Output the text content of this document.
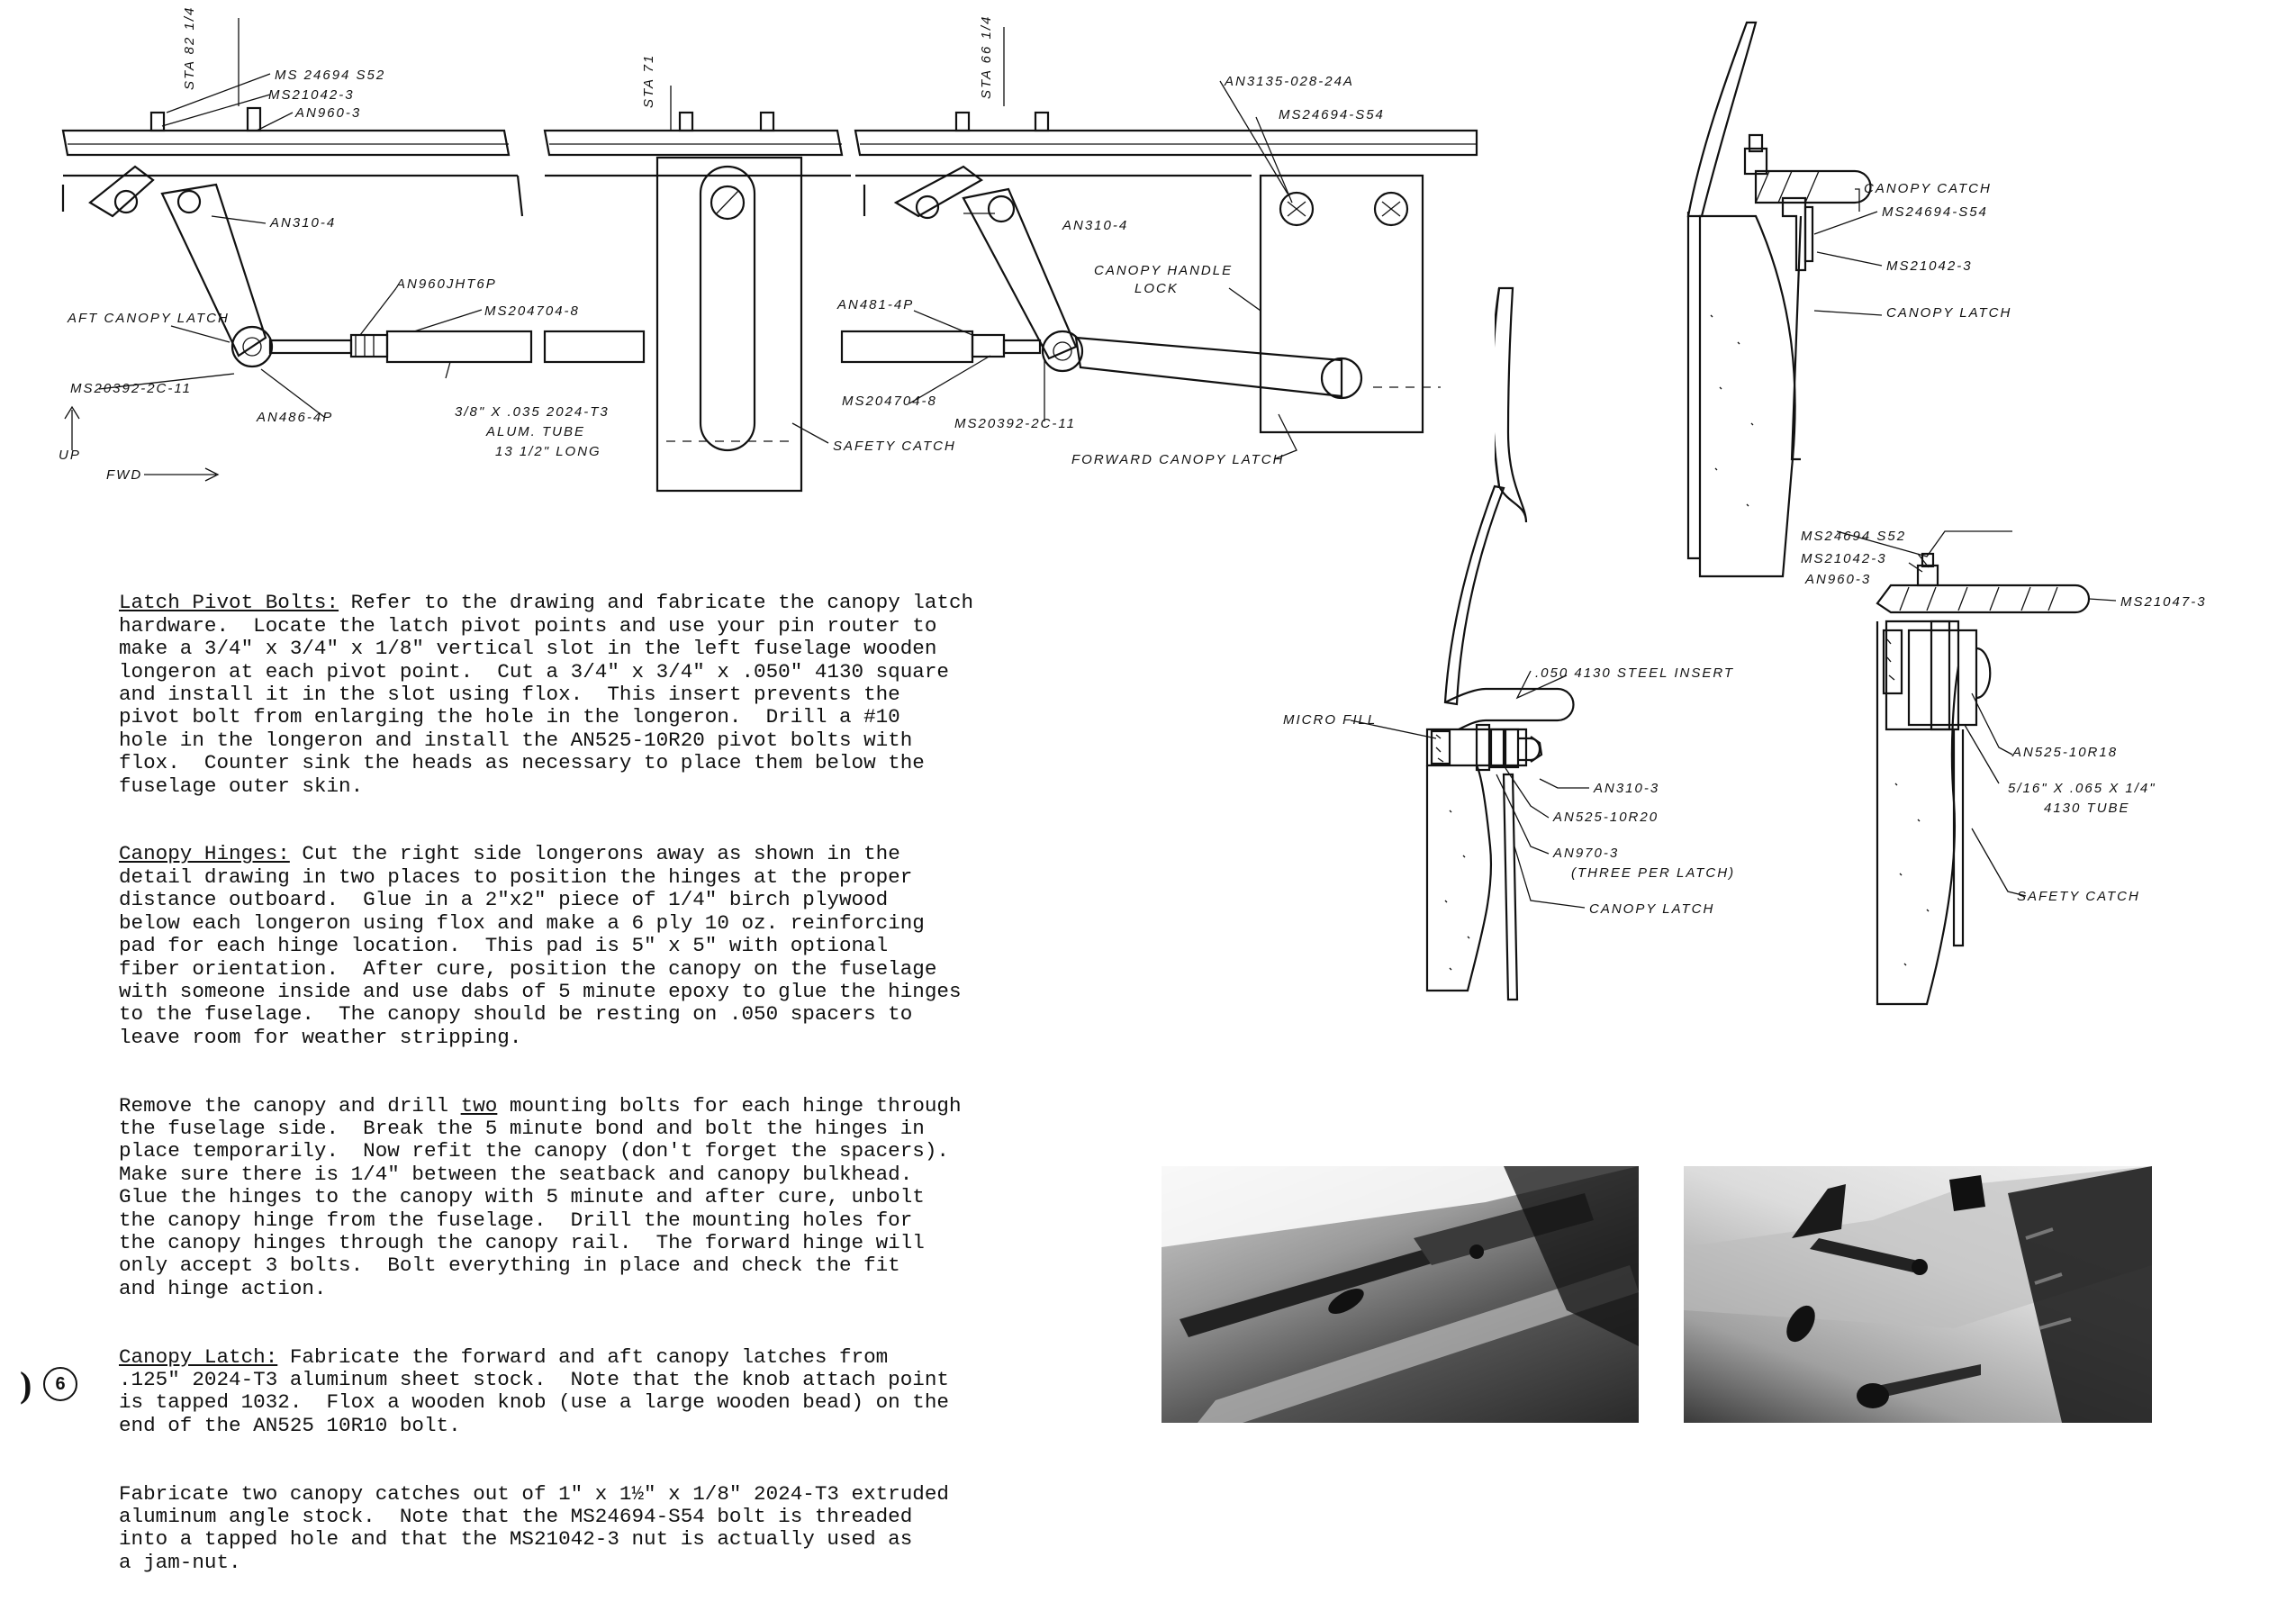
STA 82 1/4	STA 71	STA 66 1/4
MS 24694 S52
MS21042-3
AN960-3
AN310-4
AFT CANOPY LATCH
AN960JHT6P
MS204704-8
MS20392-2C-11
AN486-4P	3/8" X .035 2024-T3
ALUM. TUBE
13 1/2" LONG
UP
FWD
SAFETY CATCH
AN481-4P
MS204704-8
MS20392-2C-11
AN310-4
AN3135-028-24A
MS24694-S54
CANOPY HANDLE
LOCK
FORWARD CANOPY LATCH
CANOPY CATCH
MS24694-S54
MS21042-3
CANOPY LATCH
.050 4130 STEEL INSERT
MICRO FILL
AN310-3
AN525-10R20
AN970-3
(THREE PER LATCH)
CANOPY LATCH
MS24694 S52
MS21042-3
AN960-3
MS21047-3
AN525-10R18
5/16" X .065 X 1/4"
4130 TUBE
SAFETY CATCH

Latch Pivot Bolts: Refer to the drawing and fabricate the canopy latch
hardware.  Locate the latch pivot points and use your pin router to
make a 3/4" x 3/4" x 1/8" vertical slot in the left fuselage wooden
longeron at each pivot point.  Cut a 3/4" x 3/4" x .050" 4130 square
and install it in the slot using flox.  This insert prevents the
pivot bolt from enlarging the hole in the longeron.  Drill a #10
hole in the longeron and install the AN525-10R20 pivot bolts with
flox.  Counter sink the heads as necessary to place them below the
fuselage outer skin.

Canopy Hinges: Cut the right side longerons away as shown in the
detail drawing in two places to position the hinges at the proper
distance outboard.  Glue in a 2"x2" piece of 1/4" birch plywood
below each longeron using flox and make a 6 ply 10 oz. reinforcing
pad for each hinge location.  This pad is 5" x 5" with optional
fiber orientation.  After cure, position the canopy on the fuselage
with someone inside and use dabs of 5 minute epoxy to glue the hinges
to the fuselage.  The canopy should be resting on .050 spacers to
leave room for weather stripping.

Remove the canopy and drill two mounting bolts for each hinge through
the fuselage side.  Break the 5 minute bond and bolt the hinges in
place temporarily.  Now refit the canopy (don't forget the spacers).
Make sure there is 1/4" between the seatback and canopy bulkhead.
Glue the hinges to the canopy with 5 minute and after cure, unbolt
the canopy hinge from the fuselage.  Drill the mounting holes for
the canopy hinges through the canopy rail.  The forward hinge will
only accept 3 bolts.  Bolt everything in place and check the fit
and hinge action.

Canopy Latch: Fabricate the forward and aft canopy latches from
.125" 2024-T3 aluminum sheet stock.  Note that the knob attach point
is tapped 1032.  Flox a wooden knob (use a large wooden bead) on the
end of the AN525 10R10 bolt.

Fabricate two canopy catches out of 1" x 1½" x 1/8" 2024-T3 extruded
aluminum angle stock.  Note that the MS24694-S54 bolt is threaded
into a tapped hole and that the MS21042-3 nut is actually used as
a jam-nut.

)	6
